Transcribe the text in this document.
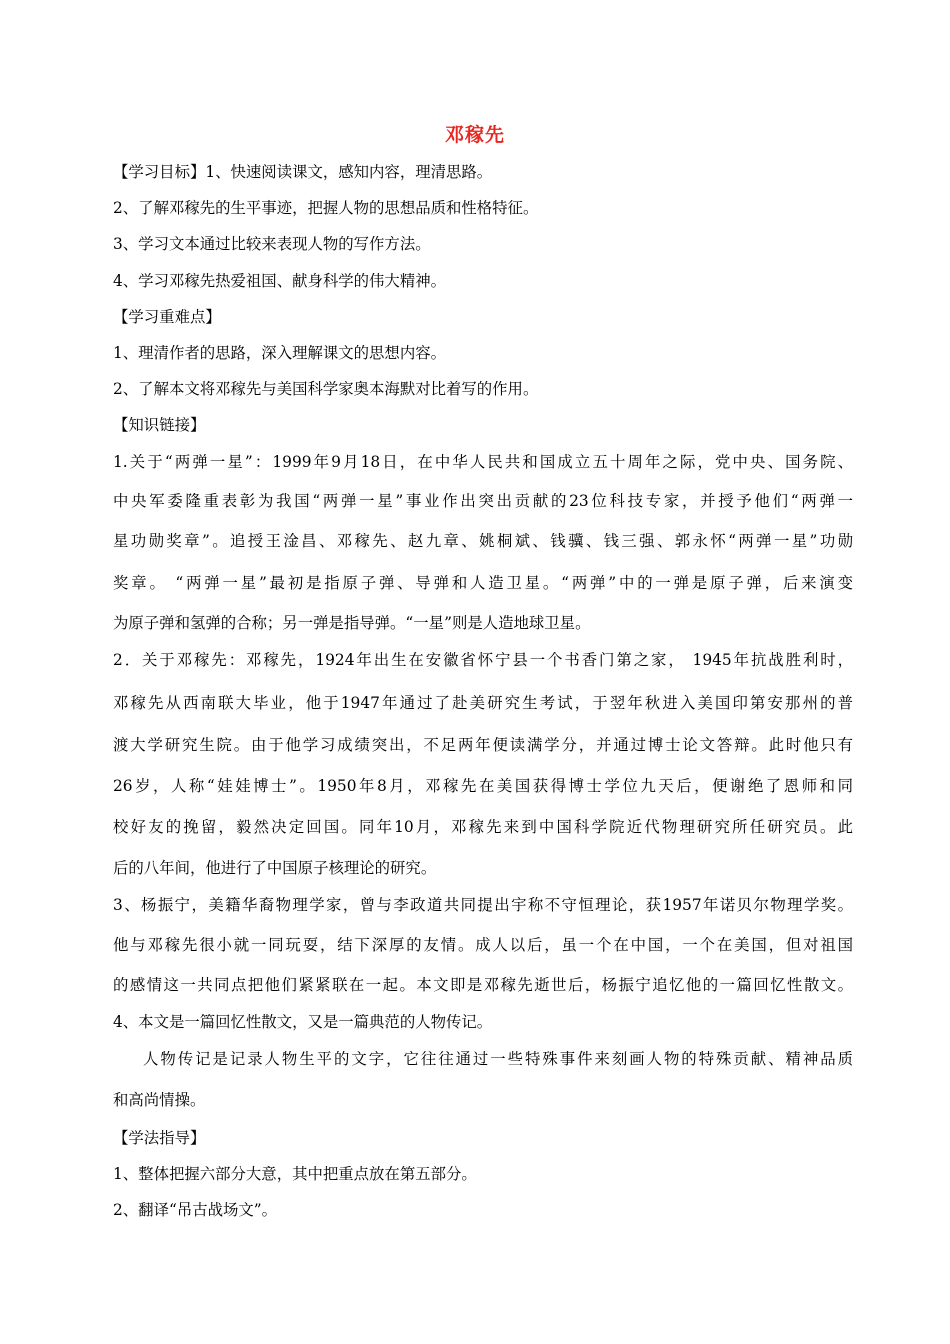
邓稼先
【学习目标】1、快速阅读课文，感知内容，理清思路。
2、了解邓稼先的生平事迹，把握人物的思想品质和性格特征。
3、学习文本通过比较来表现人物的写作方法。
4、学习邓稼先热爱祖国、献身科学的伟大精神。
【学习重难点】
1、理清作者的思路，深入理解课文的思想内容。
2、了解本文将邓稼先与美国科学家奥本海默对比着写的作用。
【知识链接】
1.关于“两弹一星”：1999年9月18日，在中华人民共和国成立五十周年之际，党中央、国务院、
中央军委隆重表彰为我国“两弹一星”事业作出突出贡献的23位科技专家，并授予他们“两弹一
星功勋奖章”。追授王淦昌、邓稼先、赵九章、姚桐斌、钱骥、钱三强、郭永怀“两弹一星”功勋
奖章。 “两弹一星”最初是指原子弹、导弹和人造卫星。“两弹”中的一弹是原子弹，后来演变
为原子弹和氢弹的合称；另一弹是指导弹。“一星”则是人造地球卫星。
2．关于邓稼先：邓稼先，1924年出生在安徽省怀宁县一个书香门第之家， 1945年抗战胜利时，
邓稼先从西南联大毕业，他于1947年通过了赴美研究生考试，于翌年秋进入美国印第安那州的普
渡大学研究生院。由于他学习成绩突出，不足两年便读满学分，并通过博士论文答辩。此时他只有
26岁，人称“娃娃博士”。1950年8月，邓稼先在美国获得博士学位九天后，便谢绝了恩师和同
校好友的挽留，毅然决定回国。同年10月，邓稼先来到中国科学院近代物理研究所任研究员。此
后的八年间，他进行了中国原子核理论的研究。
3、杨振宁，美籍华裔物理学家，曾与李政道共同提出宇称不守恒理论，获1957年诺贝尔物理学奖。
他与邓稼先很小就一同玩耍，结下深厚的友情。成人以后，虽一个在中国，一个在美国，但对祖国
的感情这一共同点把他们紧紧联在一起。本文即是邓稼先逝世后，杨振宁追忆他的一篇回忆性散文。
4、本文是一篇回忆性散文，又是一篇典范的人物传记。
人物传记是记录人物生平的文字，它往往通过一些特殊事件来刻画人物的特殊贡献、精神品质
和高尚情操。
【学法指导】
1、整体把握六部分大意，其中把重点放在第五部分。
2、翻译“吊古战场文”。
